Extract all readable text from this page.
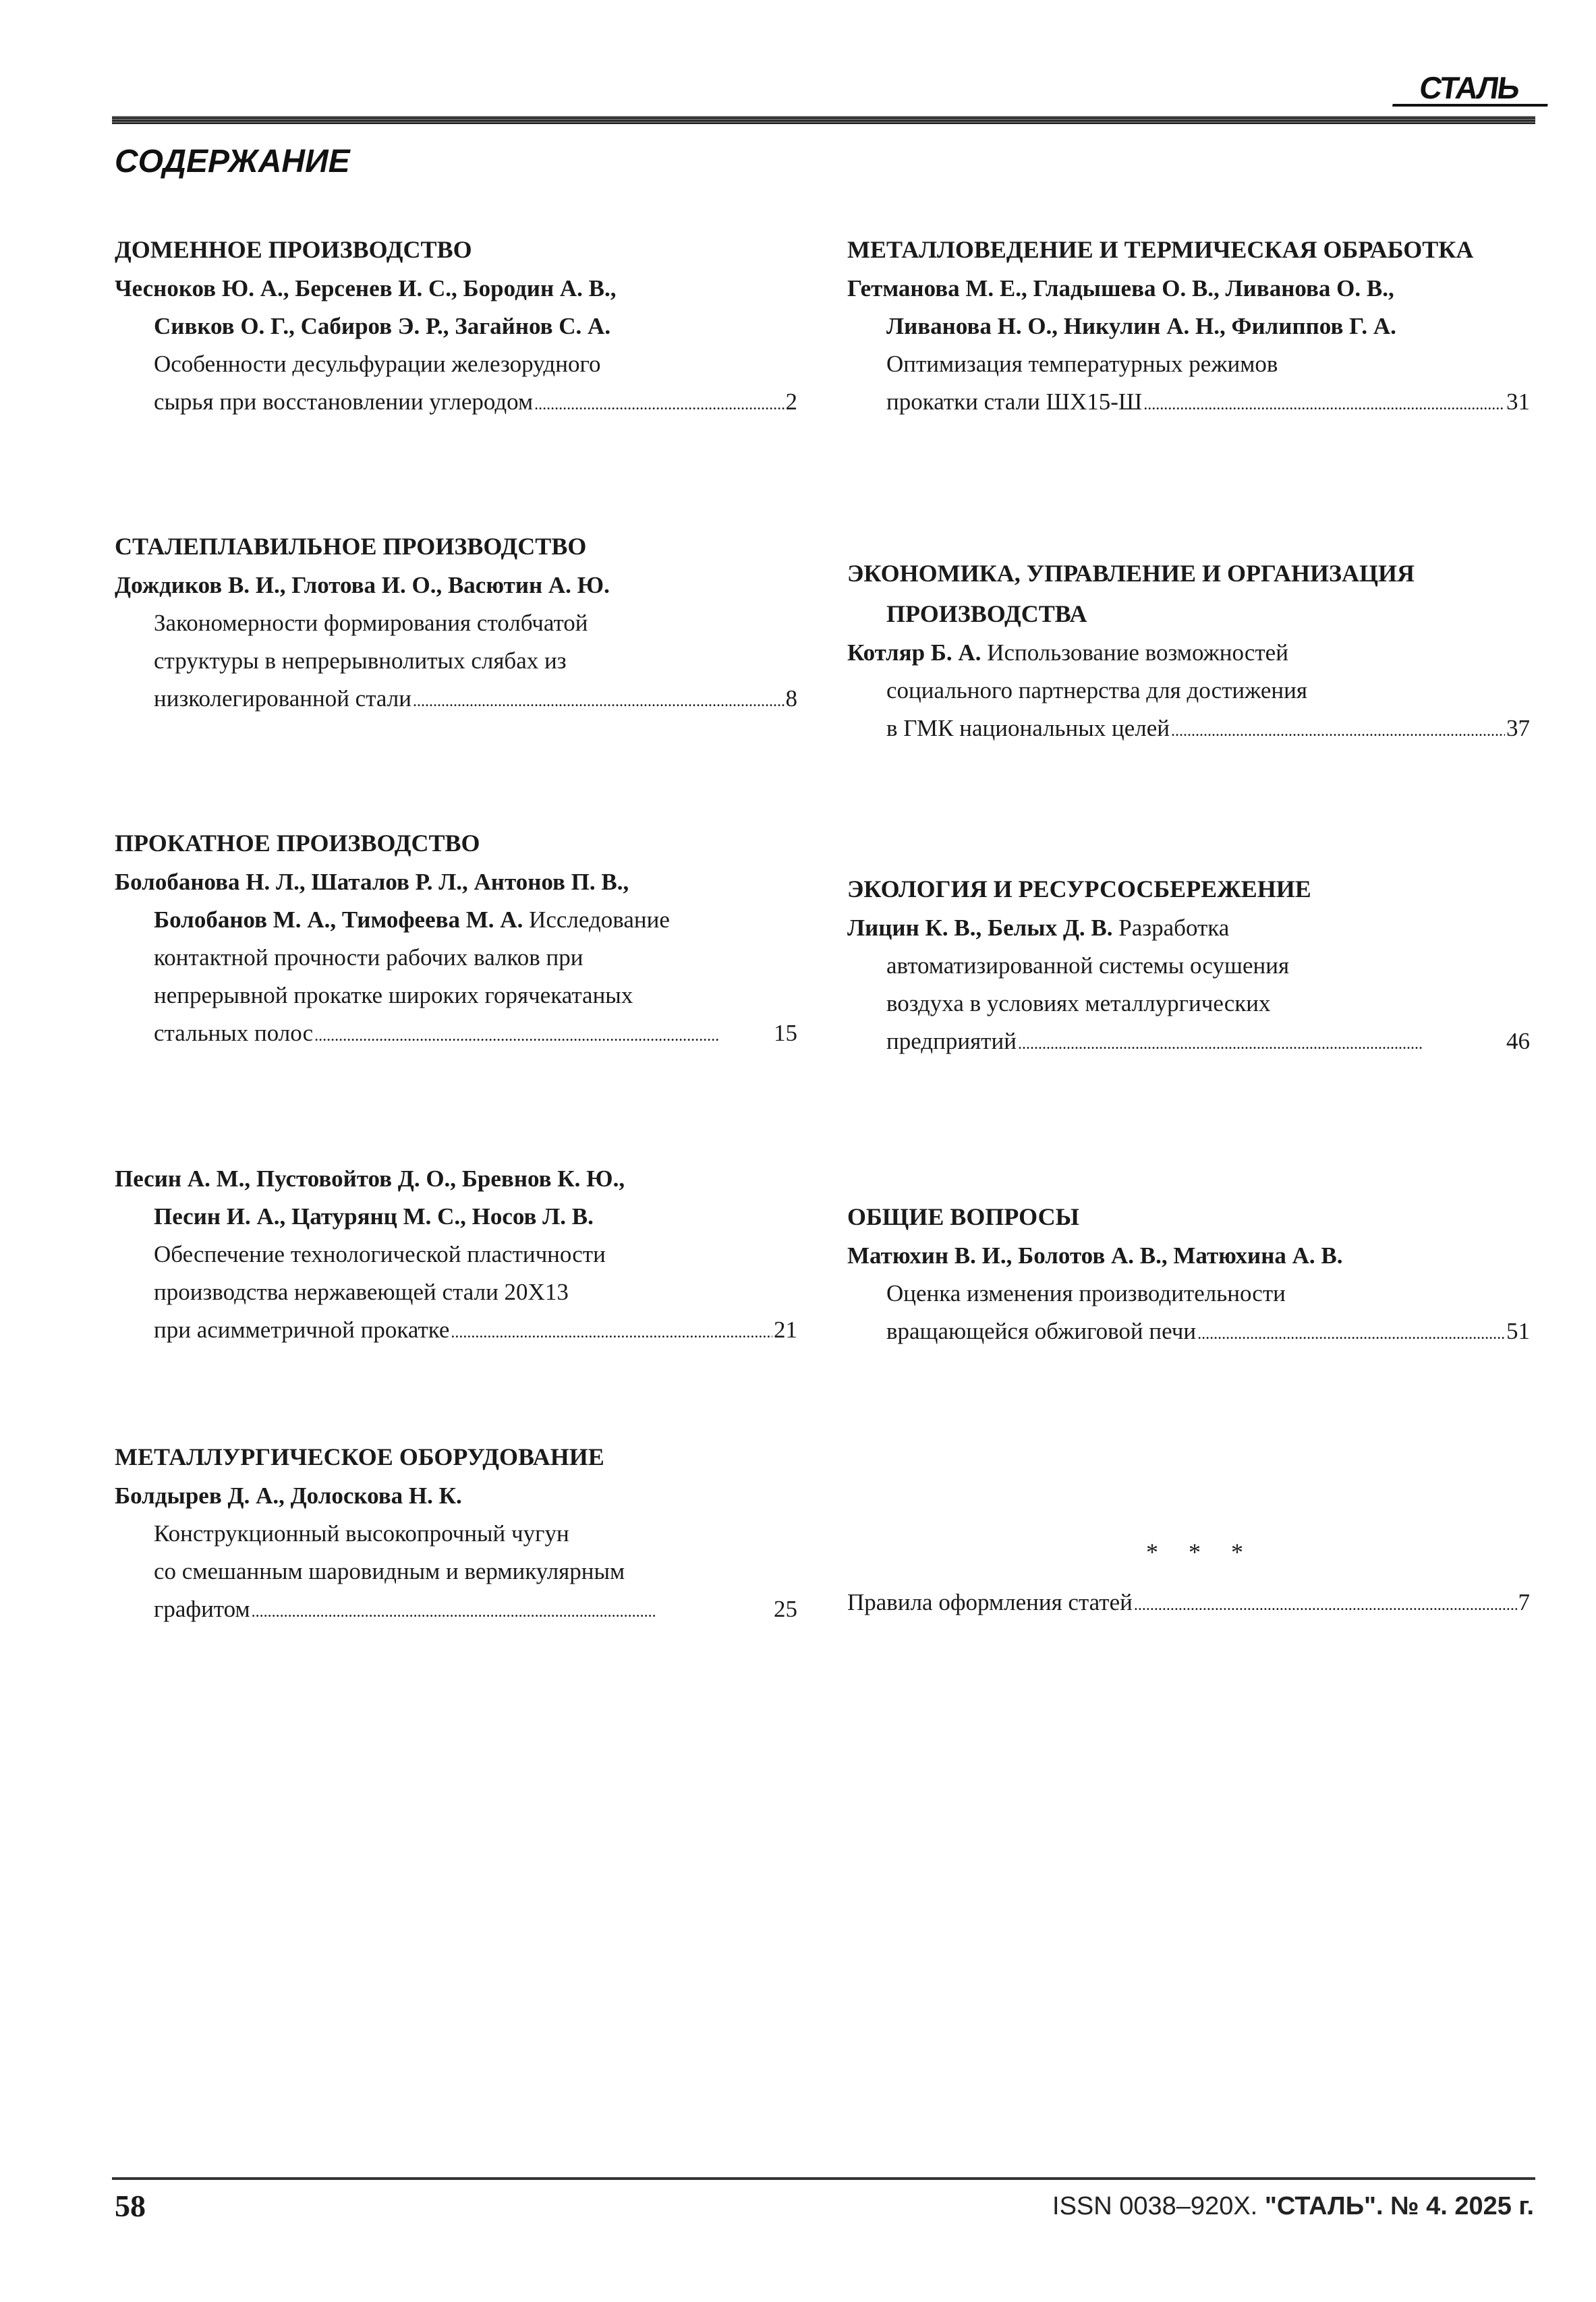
СТАЛЬ
СОДЕРЖАНИЕ
ДОМЕННОЕ ПРОИЗВОДСТВО
Чесноков Ю. А., Берсенев И. С., Бородин А. В.,
Сивков О. Г., Сабиров Э. Р., Загайнов С. А.
Особенности десульфурации железорудного
сырья при восстановлении углеродом . . .	2
СТАЛЕПЛАВИЛЬНОЕ ПРОИЗВОДСТВО
Дождиков В. И., Глотова И. О., Васютин А. Ю.
Закономерности формирования столбчатой
структуры в непрерывнолитых слябах из
низколегированной стали . . .	8
ПРОКАТНОЕ ПРОИЗВОДСТВО
Болобанова Н. Л., Шаталов Р. Л., Антонов П. В.,
Болобанов М. А., Тимофеева М. А. Исследование
контактной прочности рабочих валков при
непрерывной прокатке широких горячекатаных
стальных полос . . .	15
Песин А. М., Пустовойтов Д. О., Бревнов К. Ю.,
Песин И. А., Цатурянц М. С., Носов Л. В.
Обеспечение технологической пластичности
производства нержавеющей стали 20Х13
при асимметричной прокатке . . .	21
МЕТАЛЛУРГИЧЕСКОЕ ОБОРУДОВАНИЕ
Болдырев Д. А., Долоскова Н. К.
Конструкционный высокопрочный чугун
со смешанным шаровидным и вермикулярным
графитом . . .	25
МЕТАЛЛОВЕДЕНИЕ И ТЕРМИЧЕСКАЯ ОБРАБОТКА
Гетманова М. Е., Гладышева О. В., Ливанова О. В.,
Ливанова Н. О., Никулин А. Н., Филиппов Г. А.
Оптимизация температурных режимов
прокатки стали ШХ15-Ш . . .	31
ЭКОНОМИКА, УПРАВЛЕНИЕ И ОРГАНИЗАЦИЯ
ПРОИЗВОДСТВА
Котляр Б. А. Использование возможностей
социального партнерства для достижения
в ГМК национальных целей . . .	37
ЭКОЛОГИЯ И РЕСУРСОСБЕРЕЖЕНИЕ
Лицин К. В., Белых Д. В. Разработка
автоматизированной системы осушения
воздуха в условиях металлургических
предприятий . . .	46
ОБЩИЕ ВОПРОСЫ
Матюхин В. И., Болотов А. В., Матюхина А. В.
Оценка изменения производительности
вращающейся обжиговой печи . . .	51
* * *
Правила оформления статей . . .	7
58	ISSN 0038–920X. "СТАЛЬ". № 4. 2025 г.
